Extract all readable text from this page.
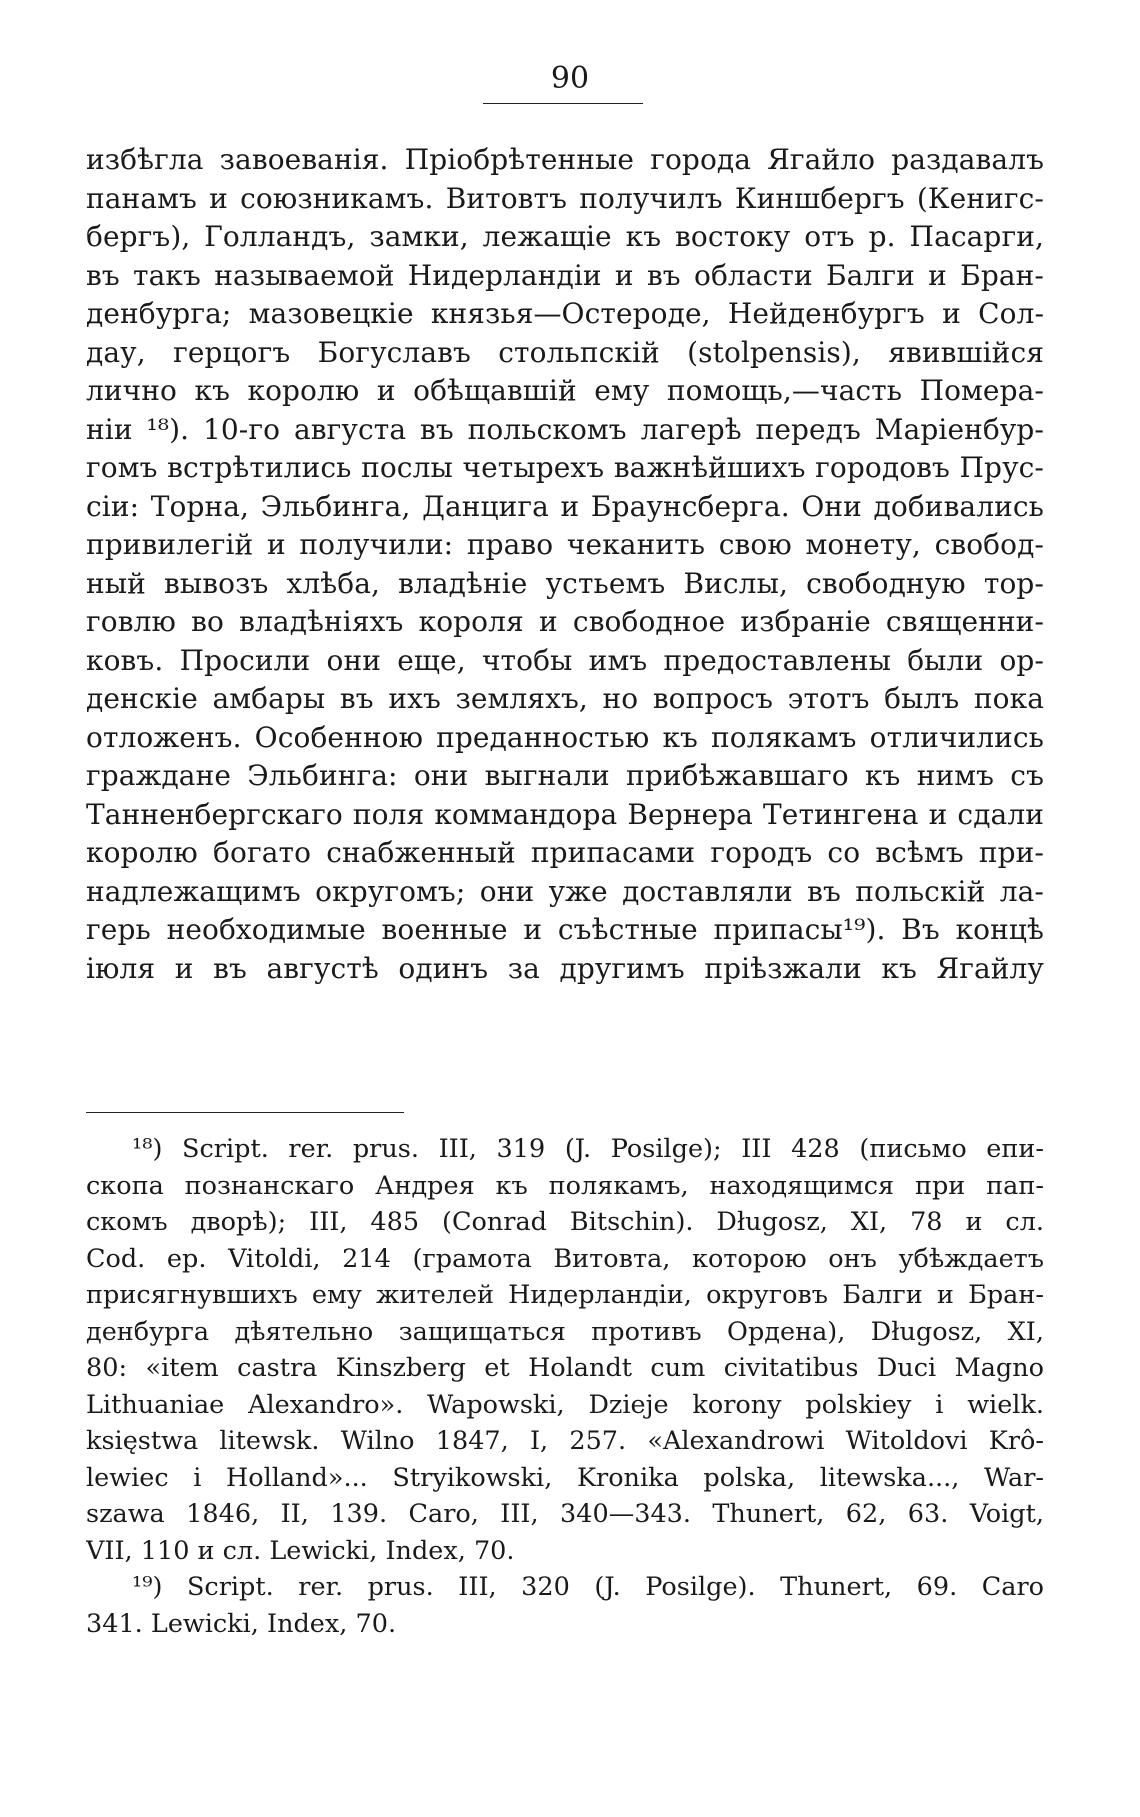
90
избѣгла завоеванія. Пріобрѣтенные города Ягайло раздавалъ
панамъ и союзникамъ. Витовтъ получилъ Киншбергъ (Кенигс-
бергъ), Голландъ, замки, лежащіе къ востоку отъ р. Пасарги,
въ такъ называемой Нидерландіи и въ области Балги и Бран-
денбурга; мазовецкіе князья—Остероде, Нейденбургъ и Сол-
дау, герцогъ Богуславъ стольпскій (stolpensis), явившійся
лично къ королю и обѣщавшій ему помощь,—часть Помера-
ніи ¹⁸). 10-го августа въ польскомъ лагерѣ передъ Маріенбур-
гомъ встрѣтились послы четырехъ важнѣйшихъ городовъ Прус-
сіи: Торна, Эльбинга, Данцига и Браунсберга. Они добивались
привилегій и получили: право чеканить свою монету, свобод-
ный вывозъ хлѣба, владѣніе устьемъ Вислы, свободную тор-
говлю во владѣніяхъ короля и свободное избраніе священни-
ковъ. Просили они еще, чтобы имъ предоставлены были ор-
денскіе амбары въ ихъ земляхъ, но вопросъ этотъ былъ пока
отложенъ. Особенною преданностью къ полякамъ отличились
граждане Эльбинга: они выгнали прибѣжавшаго къ нимъ съ
Танненбергскаго поля коммандора Вернера Тетингена и сдали
королю богато снабженный припасами городъ со всѣмъ при-
надлежащимъ округомъ; они уже доставляли въ польскій ла-
герь необходимые военные и съѣстные припасы¹⁹). Въ концѣ
іюля и въ августѣ одинъ за другимъ пріѣзжали къ Ягайлу
¹⁸) Script. rer. prus. III, 319 (J. Posilge); III 428 (письмо епи-
скопа познанскаго Андрея къ полякамъ, находящимся при пап-
скомъ дворѣ); III, 485 (Conrad Bitschin). Długosz, XI, 78 и сл.
Cod. ep. Vitoldi, 214 (грамота Витовта, которою онъ убѣждаетъ
присягнувшихъ ему жителей Нидерландіи, округовъ Балги и Бран-
денбурга дѣятельно защищаться противъ Ордена), Długosz, XI,
80: «item castra Kinszberg et Holandt cum civitatibus Duci Magno
Lithuaniae Alexandro». Wapowski, Dzieje korony polskiey i wielk.
księstwa litewsk. Wilno 1847, I, 257. «Alexandrowi Witoldovi Krô-
lewiec i Holland»... Stryikowski, Kronika polska, litewska..., War-
szawa 1846, II, 139. Caro, III, 340—343. Thunert, 62, 63. Voigt,
VII, 110 и сл. Lewicki, Index, 70.
¹⁹) Script. rer. prus. III, 320 (J. Posilge). Thunert, 69. Caro
341. Lewicki, Index, 70.
